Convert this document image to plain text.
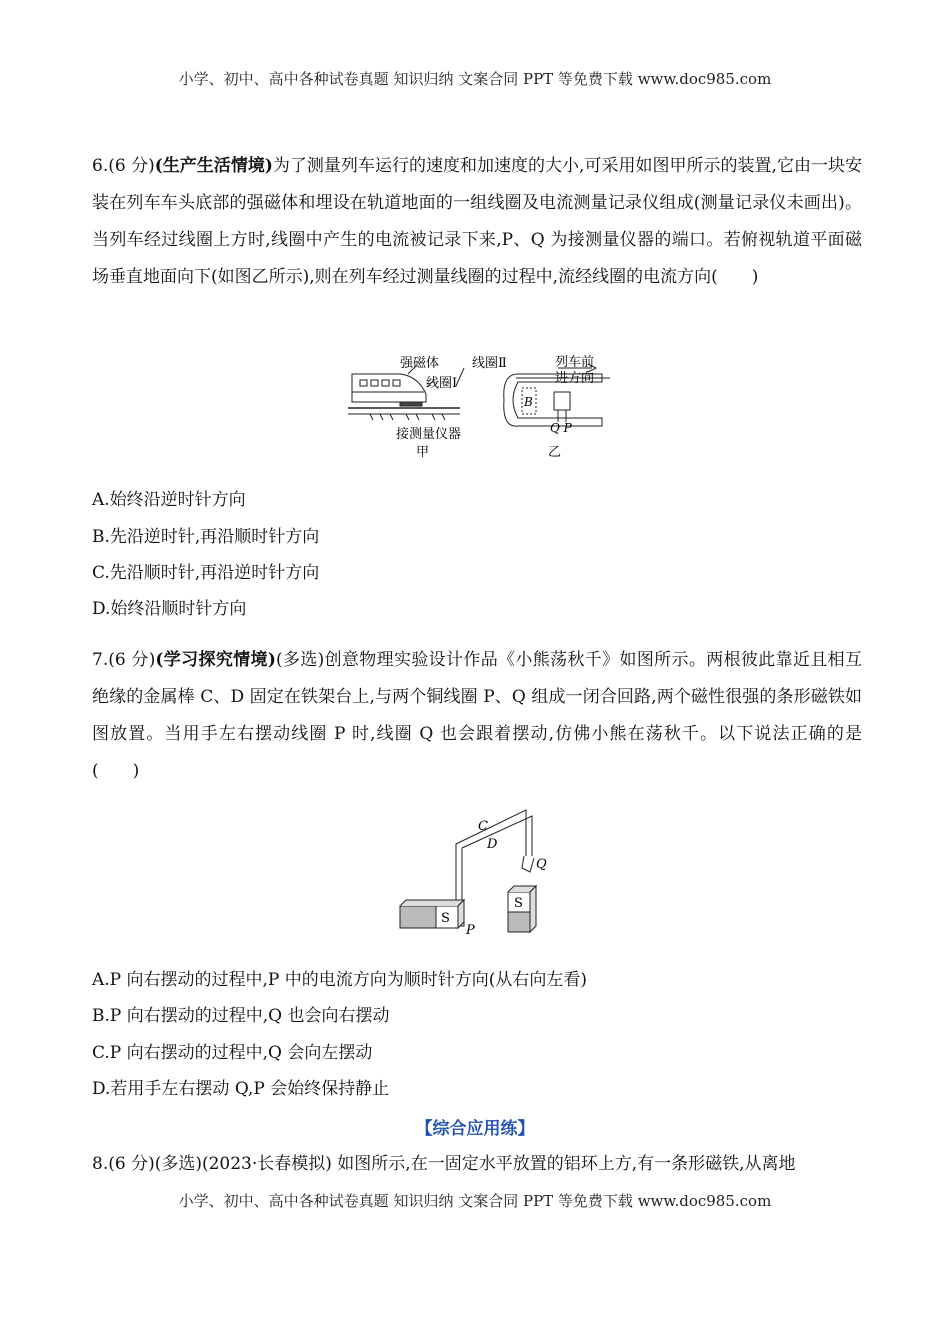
小学、初中、高中各种试卷真题 知识归纳 文案合同 PPT 等免费下载 www.doc985.com

6.(6 分)(生产生活情境)为了测量列车运行的速度和加速度的大小,可采用如图甲所示的装置,它由一块安装在列车车头底部的强磁体和埋设在轨道地面的一组线圈及电流测量记录仪组成(测量记录仪未画出)。当列车经过线圈上方时,线圈中产生的电流被记录下来,P、Q 为接测量仪器的端口。若俯视轨道平面磁场垂直地面向下(如图乙所示),则在列车经过测量线圈的过程中,流经线圈的电流方向(　　)

强磁体
线圈Ⅰ
线圈Ⅱ
接测量仪器
甲
列车前
进方向
B
Q P
乙
A.始终沿逆时针方向
B.先沿逆时针,再沿顺时针方向
C.先沿顺时针,再沿逆时针方向
D.始终沿顺时针方向

7.(6 分)(学习探究情境)(多选)创意物理实验设计作品《小熊荡秋千》如图所示。两根彼此靠近且相互绝缘的金属棒 C、D 固定在铁架台上,与两个铜线圈 P、Q 组成一闭合回路,两个磁性很强的条形磁铁如图放置。当用手左右摆动线圈 P 时,线圈 Q 也会跟着摆动,仿佛小熊在荡秋千。以下说法正确的是 (　　)

C
D
Q
P
S
S
A.P 向右摆动的过程中,P 中的电流方向为顺时针方向(从右向左看)
B.P 向右摆动的过程中,Q 也会向右摆动
C.P 向右摆动的过程中,Q 会向左摆动
D.若用手左右摆动 Q,P 会始终保持静止
【综合应用练】
8.(6 分)(多选)(2023·长春模拟) 如图所示,在一固定水平放置的铝环上方,有一条形磁铁,从离地
小学、初中、高中各种试卷真题 知识归纳 文案合同 PPT 等免费下载 www.doc985.com
